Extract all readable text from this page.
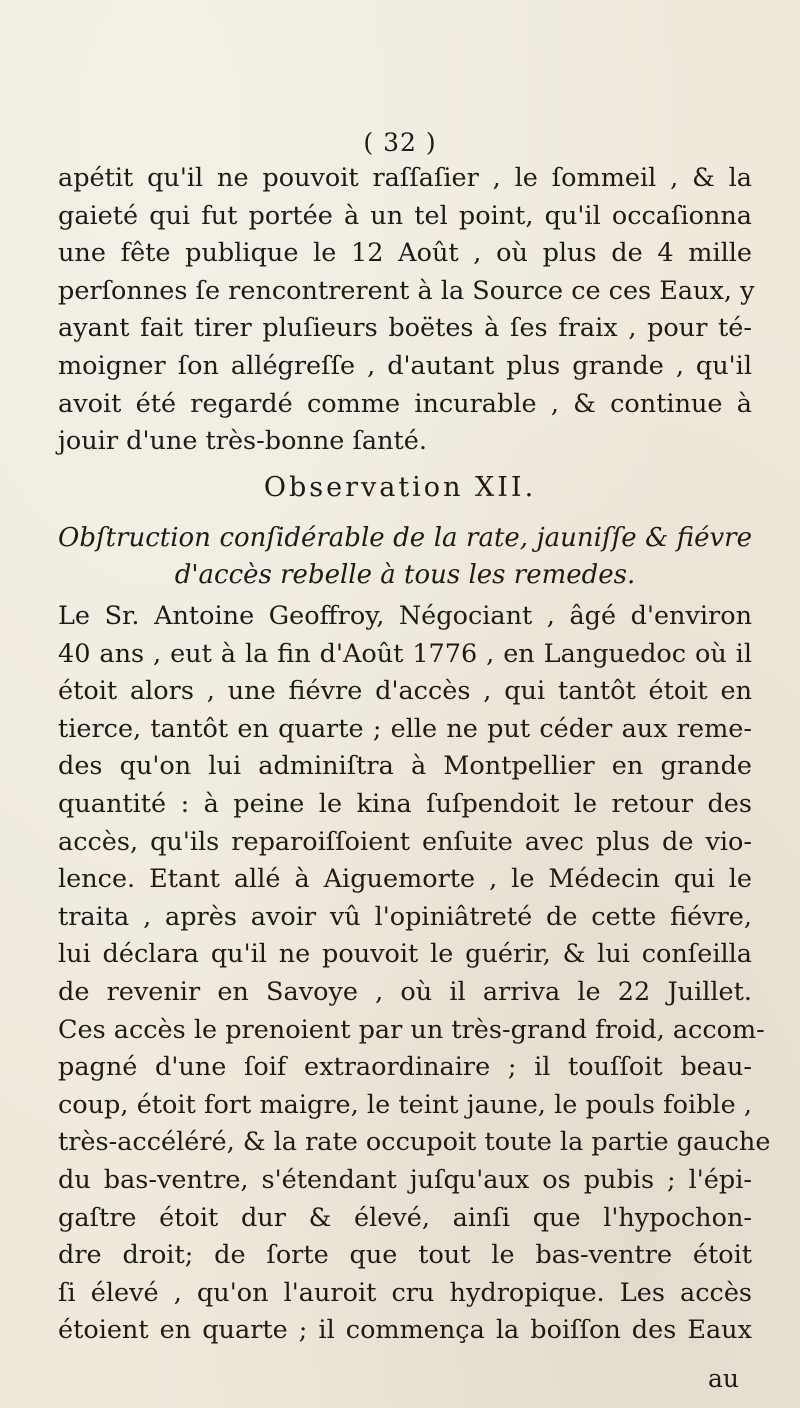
( 32 )
apétit qu'il ne pouvoit raſſaſier , le ſommeil , & la
gaieté qui fut portée à un tel point, qu'il occaſionna
une fête publique le 12 Août , où plus de 4 mille
perſonnes ſe rencontrerent à la Source ce ces Eaux, y
ayant fait tirer pluſieurs boëtes à ſes fraix , pour té-
moigner ſon allégreſſe , d'autant plus grande , qu'il
avoit été regardé comme incurable , & continue à
jouir d'une très-bonne ſanté.
Observation XII.
Obſtruction conſidérable de la rate, jauniſſe & fiévre
d'accès rebelle à tous les remedes.
Le Sr. Antoine Geoffroy, Négociant , âgé d'environ
40 ans , eut à la fin d'Août 1776 , en Languedoc où il
étoit alors , une fiévre d'accès , qui tantôt étoit en
tierce, tantôt en quarte ; elle ne put céder aux reme-
des qu'on lui adminiſtra à Montpellier en grande
quantité : à peine le kina ſuſpendoit le retour des
accès, qu'ils reparoiſſoient enſuite avec plus de vio-
lence. Etant allé à Aiguemorte , le Médecin qui le
traita , après avoir vû l'opiniâtreté de cette fiévre,
lui déclara qu'il ne pouvoit le guérir, & lui conſeilla
de revenir en Savoye , où il arriva le 22 Juillet.
Ces accès le prenoient par un très-grand froid, accom-
pagné d'une ſoif extraordinaire ; il touſſoit beau-
coup, étoit fort maigre, le teint jaune, le pouls foible ,
très-accéléré, & la rate occupoit toute la partie gauche
du bas-ventre, s'étendant juſqu'aux os pubis ; l'épi-
gaſtre étoit dur & élevé, ainſi que l'hypochon-
dre droit; de ſorte que tout le bas-ventre étoit
ſi élevé , qu'on l'auroit cru hydropique. Les accès
étoient en quarte ; il commença la boiſſon des Eaux
au
